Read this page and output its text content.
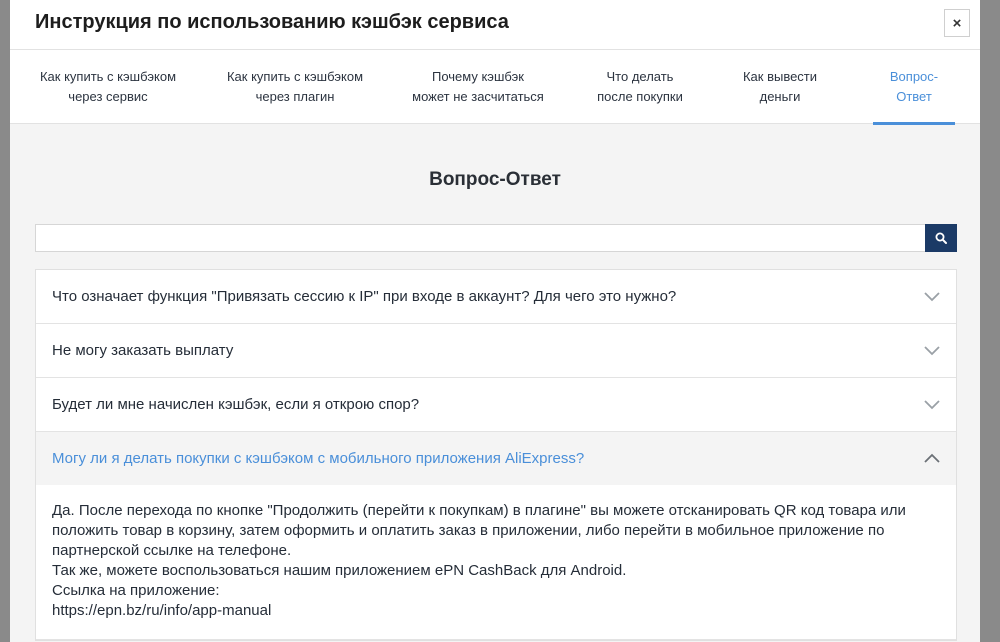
Инструкция по использованию кэшбэк сервиса	×
Как купить с кэшбэком
через сервис
Как купить с кэшбэком
через плагин
Почему кэшбэк
может не засчитаться
Что делать
после покупки
Как вывести
деньги
Вопрос-Ответ
Вопрос-Ответ
Что означает функция "Привязать сессию к IP" при входе в аккаунт? Для чего это нужно?
Не могу заказать выплату
Будет ли мне начислен кэшбэк, если я открою спор?
Могу ли я делать покупки с кэшбэком с мобильного приложения AliExpress?

Да. После перехода по кнопке "Продолжить (перейти к покупкам) в плагине" вы можете отсканировать QR код товара или положить товар в корзину, затем оформить и оплатить заказ в приложении, либо перейти в мобильное приложение по партнерской ссылке на телефоне.

Так же, можете воспользоваться нашим приложением ePN CashBack для Android.

Ссылка на приложение:

https://epn.bz/ru/info/app-manual
